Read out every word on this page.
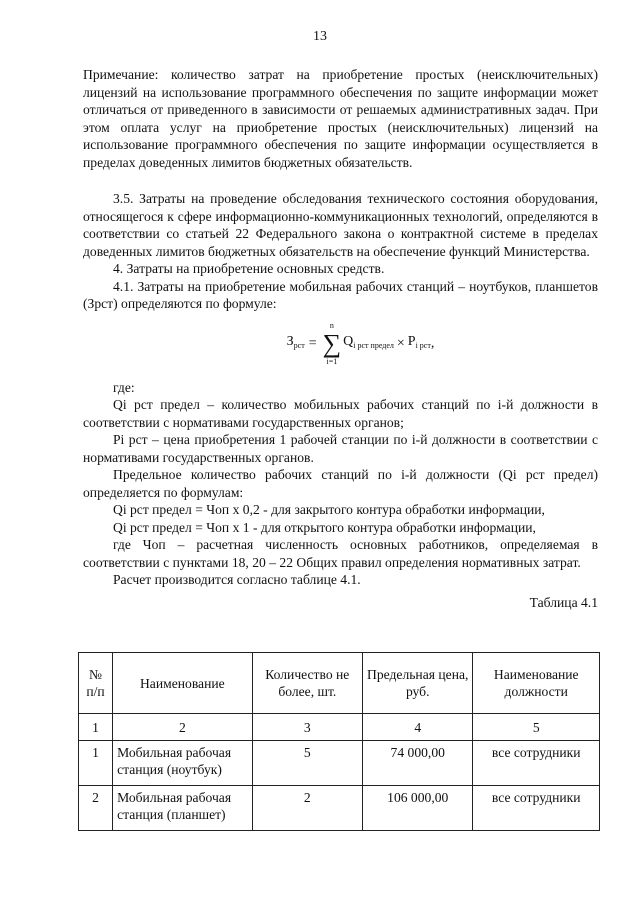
13

Примечание: количество затрат на приобретение простых (неисключительных) лицензий на использование программного обеспечения по защите информации может отличаться от приведенного в зависимости от решаемых административных задач. При этом оплата услуг на приобретение простых (неисключительных) лицензий на использование программного обеспечения по защите информации осуществляется в пределах доведенных лимитов бюджетных обязательств.

3.5. Затраты на проведение обследования технического состояния оборудования, относящегося к сфере информационно-коммуникационных технологий, определяются в соответствии со статьей 22 Федерального закона о контрактной системе в пределах доведенных лимитов бюджетных обязательств на обеспечение функций Министерства.

4. Затраты на приобретение основных средств.

4.1. Затраты на приобретение мобильная рабочих станций – ноутбуков, планшетов (Зрст) определяются по формуле:

$З_{рст}$ =
n
∑
i=1
$Q_{i рст предел} \times P_{i рст}$ ,

где:

Qi рст предел – количество мобильных рабочих станций по i-й должности в соответствии с нормативами государственных органов;

Pi рст – цена приобретения 1 рабочей станции по i-й должности в соответствии с нормативами государственных органов.

Предельное количество рабочих станций по i-й должности (Qi рст предел) определяется по формулам:

Qi рст предел = Чоп х 0,2 - для закрытого контура обработки информации,

Qi рст предел = Чоп х 1 - для открытого контура обработки информации,

где Чоп – расчетная численность основных работников, определяемая в соответствии с пунктами 18, 20 – 22 Общих правил определения нормативных затрат.

Расчет производится согласно таблице 4.1.

Таблица 4.1

№ п/п	Наименование	Количество не более, шт.	Предельная цена, руб.	Наименование должности
1	2	3	4	5
1	Мобильная рабочая станция (ноутбук)	5	74 000,00	все сотрудники
2	Мобильная рабочая станция (планшет)	2	106 000,00	все сотрудники
